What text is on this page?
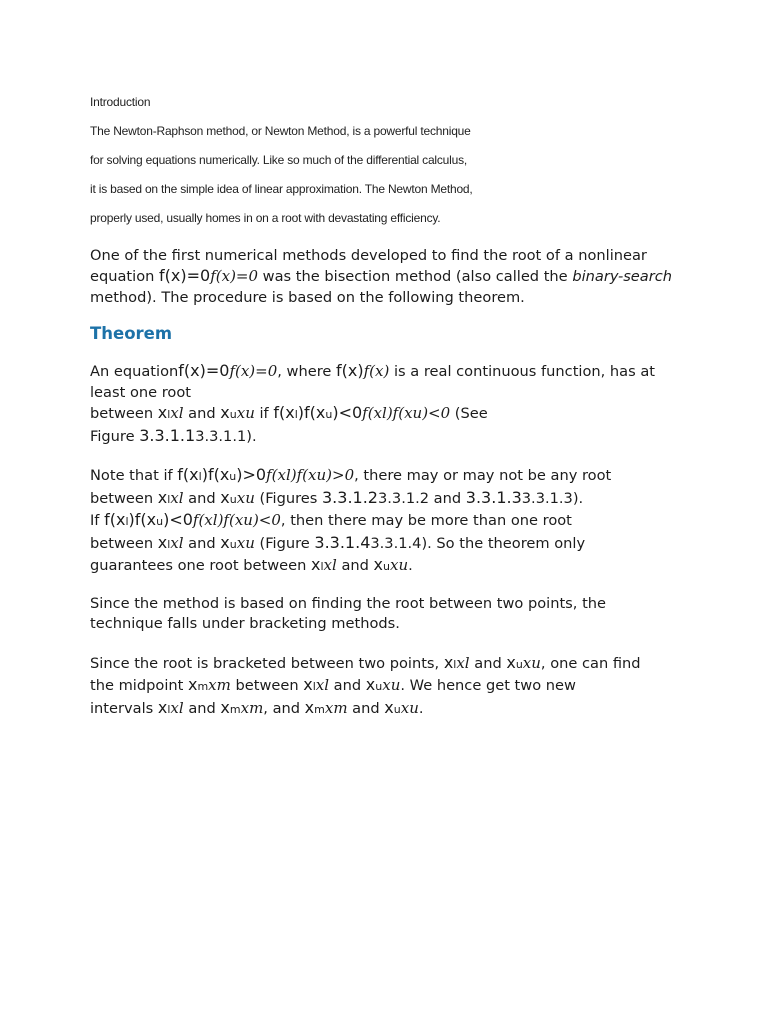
Introduction

The Newton-Raphson method, or Newton Method, is a powerful technique

for solving equations numerically. Like so much of the differential calculus,

it is based on the simple idea of linear approximation. The Newton Method,

properly used, usually homes in on a root with devastating efficiency.

One of the first numerical methods developed to find the root of a nonlinear equation f(x)=0f(x)=0 was the bisection method (also called the binary-search method). The procedure is based on the following theorem.

Theorem

An equationf(x)=0f(x)=0, where f(x)f(x) is a real continuous function, has at least one root
between xlxl and xuxu if f(xl)f(xu)<0f(xl)f(xu)<0 (See
Figure 3.3.1.13.3.1.1).

Note that if f(xl)f(xu)>0f(xl)f(xu)>0, there may or may not be any root
between xlxl and xuxu (Figures 3.3.1.23.3.1.2 and 3.3.1.33.3.1.3).
If f(xl)f(xu)<0f(xl)f(xu)<0, then there may be more than one root
between xlxl and xuxu (Figure 3.3.1.43.3.1.4). So the theorem only
guarantees one root between xlxl and xuxu.

Since the method is based on finding the root between two points, the technique falls under bracketing methods.

Since the root is bracketed between two points, xlxl and xuxu, one can find
the midpoint xmxm between xlxl and xuxu. We hence get two new
intervals xlxl and xmxm, and xmxm and xuxu.
